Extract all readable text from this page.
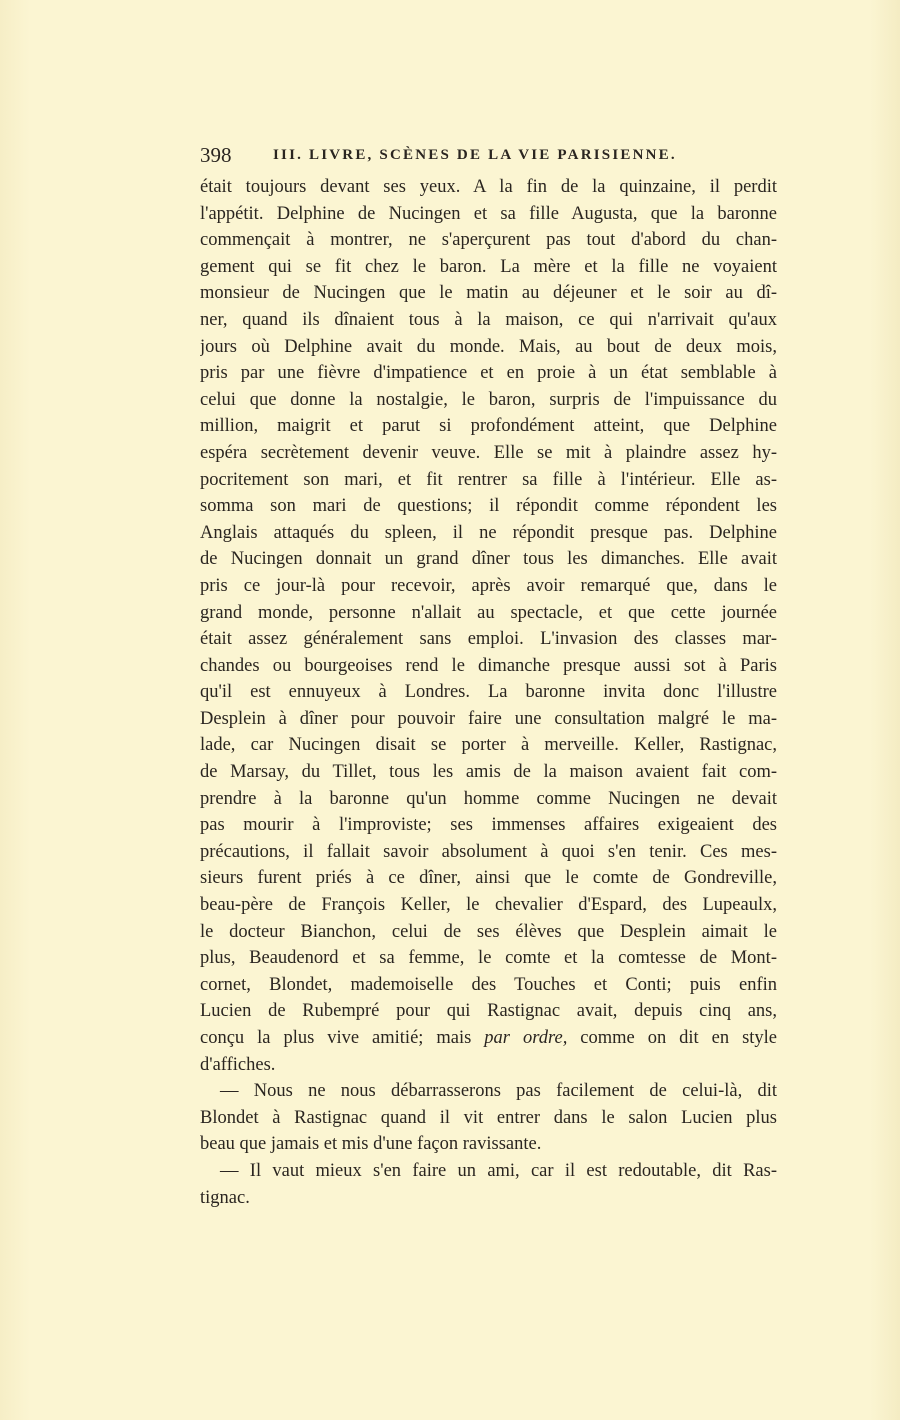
398	III. LIVRE, SCÈNES DE LA VIE PARISIENNE.
était toujours devant ses yeux. A la fin de la quinzaine, il perdit
l'appétit. Delphine de Nucingen et sa fille Augusta, que la baronne
commençait à montrer, ne s'aperçurent pas tout d'abord du chan-
gement qui se fit chez le baron. La mère et la fille ne voyaient
monsieur de Nucingen que le matin au déjeuner et le soir au dî-
ner, quand ils dînaient tous à la maison, ce qui n'arrivait qu'aux
jours où Delphine avait du monde. Mais, au bout de deux mois,
pris par une fièvre d'impatience et en proie à un état semblable à
celui que donne la nostalgie, le baron, surpris de l'impuissance du
million, maigrit et parut si profondément atteint, que Delphine
espéra secrètement devenir veuve. Elle se mit à plaindre assez hy-
pocritement son mari, et fit rentrer sa fille à l'intérieur. Elle as-
somma son mari de questions; il répondit comme répondent les
Anglais attaqués du spleen, il ne répondit presque pas. Delphine
de Nucingen donnait un grand dîner tous les dimanches. Elle avait
pris ce jour-là pour recevoir, après avoir remarqué que, dans le
grand monde, personne n'allait au spectacle, et que cette journée
était assez généralement sans emploi. L'invasion des classes mar-
chandes ou bourgeoises rend le dimanche presque aussi sot à Paris
qu'il est ennuyeux à Londres. La baronne invita donc l'illustre
Desplein à dîner pour pouvoir faire une consultation malgré le ma-
lade, car Nucingen disait se porter à merveille. Keller, Rastignac,
de Marsay, du Tillet, tous les amis de la maison avaient fait com-
prendre à la baronne qu'un homme comme Nucingen ne devait
pas mourir à l'improviste; ses immenses affaires exigeaient des
précautions, il fallait savoir absolument à quoi s'en tenir. Ces mes-
sieurs furent priés à ce dîner, ainsi que le comte de Gondreville,
beau-père de François Keller, le chevalier d'Espard, des Lupeaulx,
le docteur Bianchon, celui de ses élèves que Desplein aimait le
plus, Beaudenord et sa femme, le comte et la comtesse de Mont-
cornet, Blondet, mademoiselle des Touches et Conti; puis enfin
Lucien de Rubempré pour qui Rastignac avait, depuis cinq ans,
conçu la plus vive amitié; mais par ordre, comme on dit en style
d'affiches.
— Nous ne nous débarrasserons pas facilement de celui-là, dit
Blondet à Rastignac quand il vit entrer dans le salon Lucien plus
beau que jamais et mis d'une façon ravissante.
— Il vaut mieux s'en faire un ami, car il est redoutable, dit Ras-
tignac.
